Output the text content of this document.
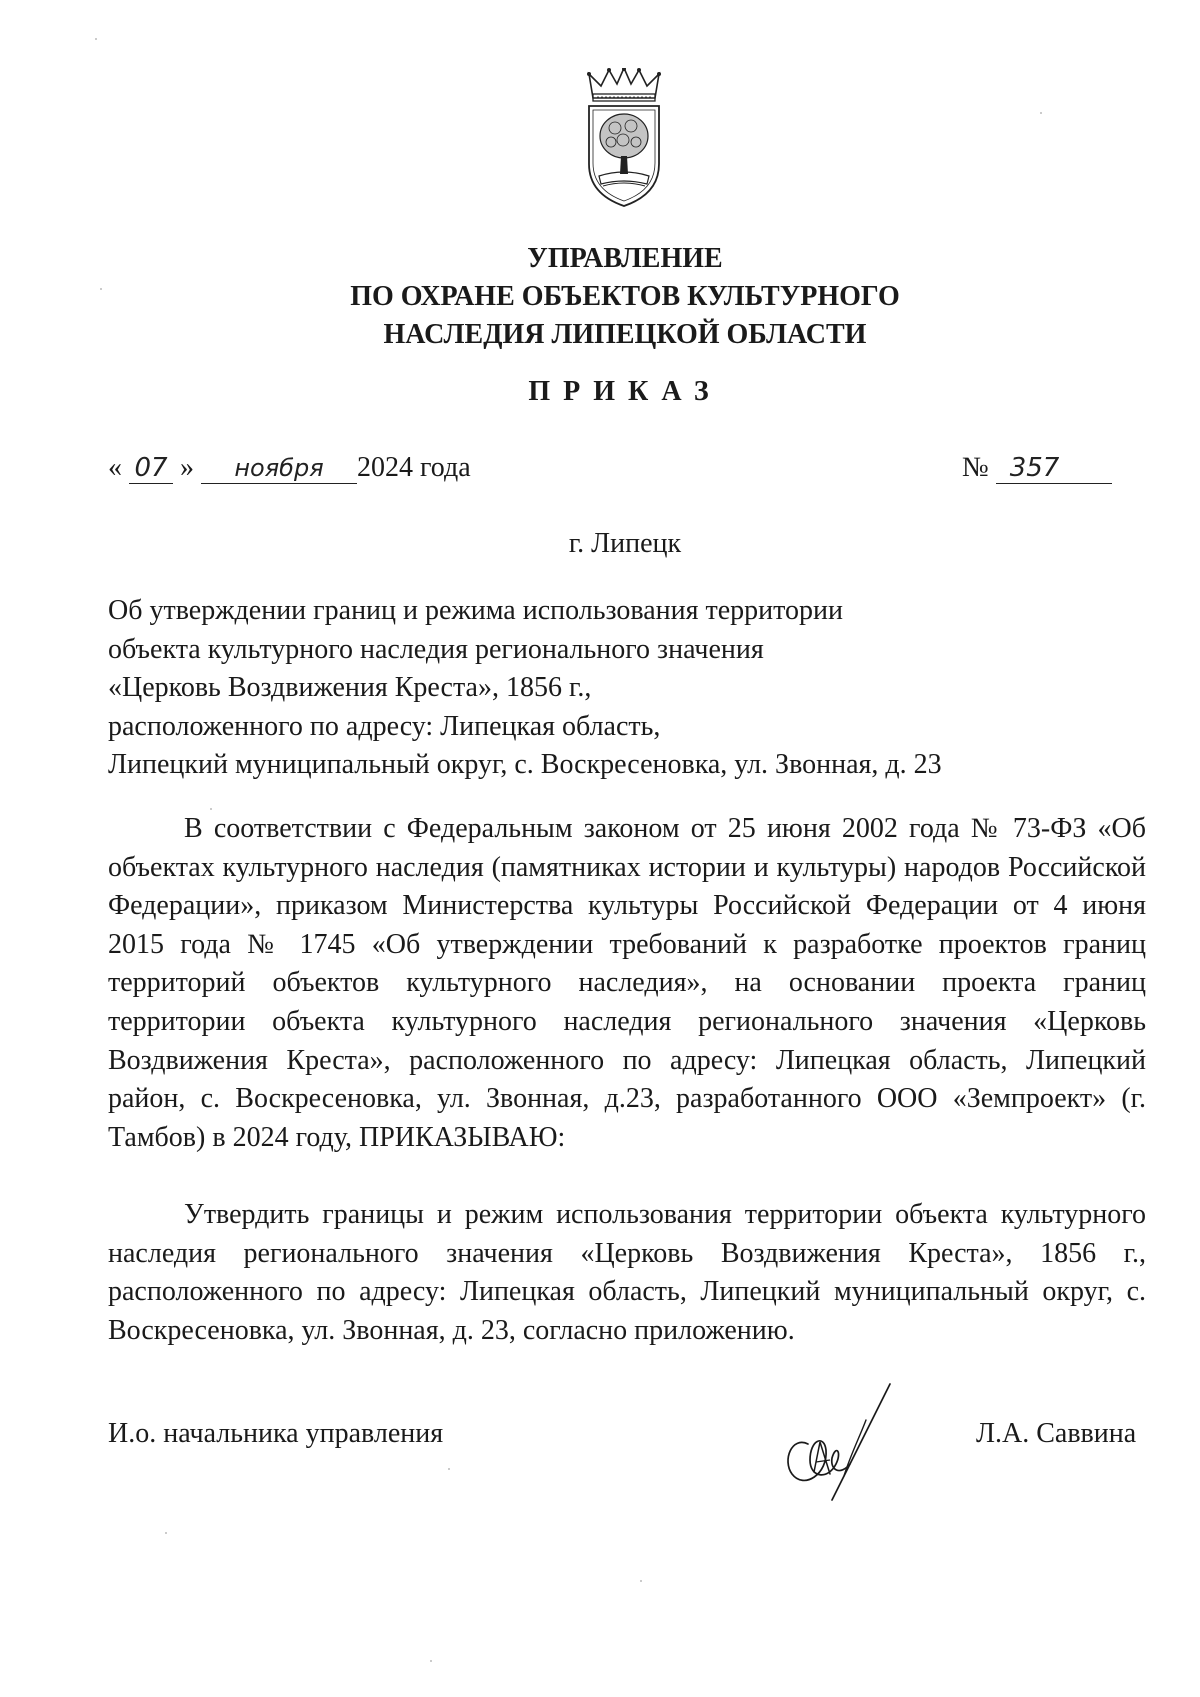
УПРАВЛЕНИЕ
ПО ОХРАНЕ ОБЪЕКТОВ КУЛЬТУРНОГО
НАСЛЕДИЯ ЛИПЕЦКОЙ ОБЛАСТИ
ПРИКАЗ
« 07 » ноября 2024 года	№ 357
г. Липецк
Об утверждении границ и режима использования территории
объекта культурного наследия регионального значения
«Церковь Воздвижения Креста», 1856 г.,
расположенного по адресу: Липецкая область,
Липецкий муниципальный округ, с. Воскресеновка, ул. Звонная, д. 23
В соответствии с Федеральным законом от 25 июня 2002 года № 73-ФЗ «Об объектах культурного наследия (памятниках истории и культуры) народов Российской Федерации», приказом Министерства культуры Российской Федерации от 4 июня 2015 года № 1745 «Об утверждении требований к разработке проектов границ территорий объектов культурного наследия», на основании проекта границ территории объекта культурного наследия регионального значения «Церковь Воздвижения Креста», расположенного по адресу: Липецкая область, Липецкий район, с. Воскресеновка, ул. Звонная, д.23, разработанного ООО «Земпроект» (г. Тамбов) в 2024 году, ПРИКАЗЫВАЮ:
Утвердить границы и режим использования территории объекта культурного наследия регионального значения «Церковь Воздвижения Креста», 1856 г., расположенного по адресу: Липецкая область, Липецкий муниципальный округ, с. Воскресеновка, ул. Звонная, д. 23, согласно приложению.
И.о. начальника управления	Л.А. Саввина
